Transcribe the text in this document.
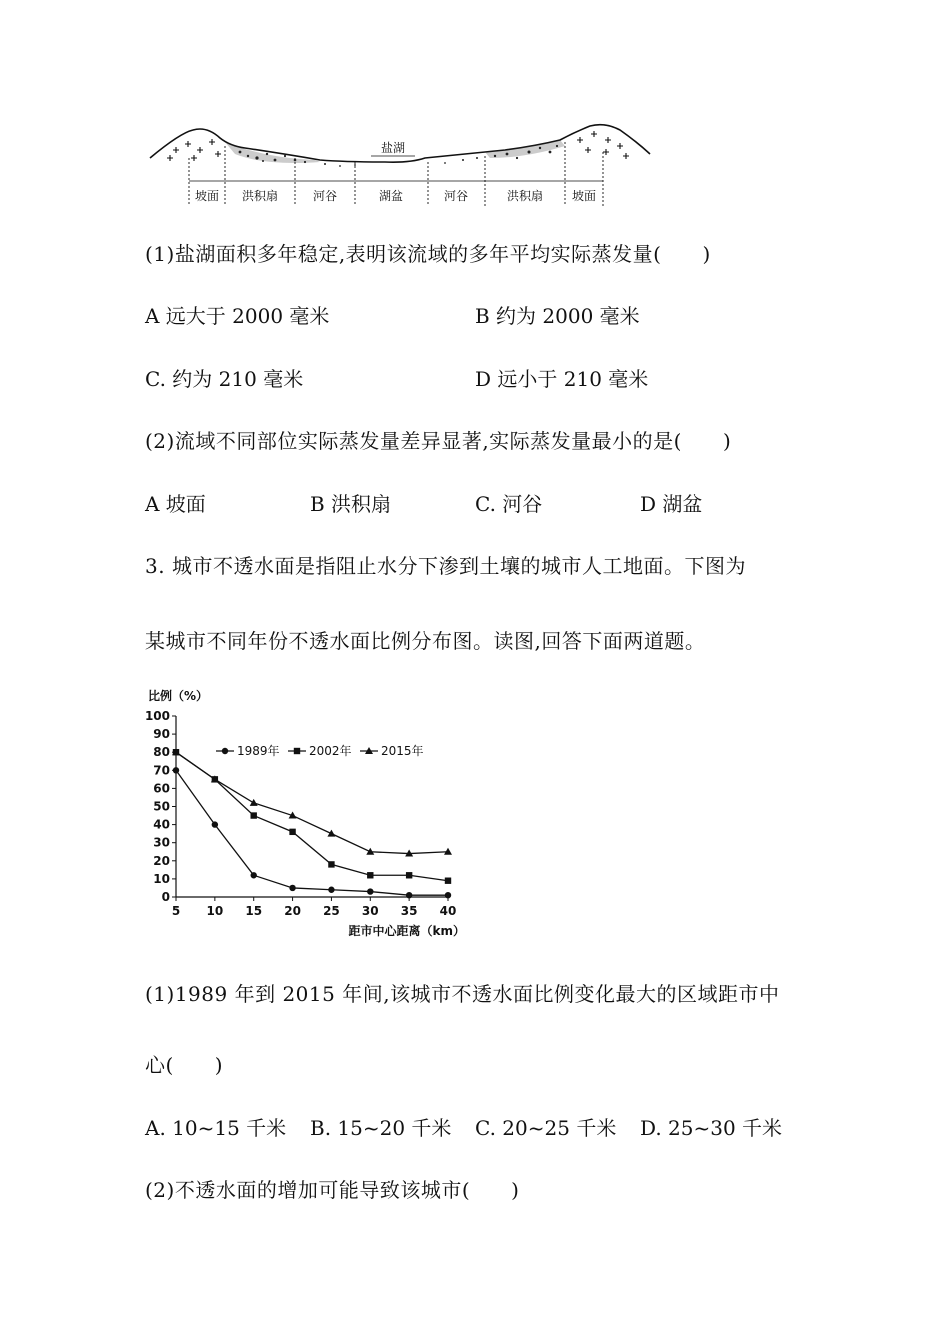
盐湖
坡面 洪积扇	河谷	湖盆	河谷	洪积扇 坡面
(1)盐湖面积多年稳定,表明该流域的多年平均实际蒸发量(　　)
A 远大于 2000 毫米	B 约为 2000 毫米
C. 约为 210 毫米	D 远小于 210 毫米
(2)流域不同部位实际蒸发量差异显著,实际蒸发量最小的是(　　)
A 坡面	B 洪积扇	C. 河谷	D 湖盆
3. 城市不透水面是指阻止水分下渗到土壤的城市人工地面。下图为
某城市不同年份不透水面比例分布图。读图,回答下面两道题。
0
10
20
30
40
50
60
70
80
90
100
5 10 15 20 25 30 35 40
比例（%）
距市中心距离（km）
1989年 2002年 2015年
(1)1989 年到 2015 年间,该城市不透水面比例变化最大的区域距市中
心(　　)
A. 10~15 千米 B. 15~20 千米 C. 20~25 千米 D. 25~30 千米
(2)不透水面的增加可能导致该城市(　　)
